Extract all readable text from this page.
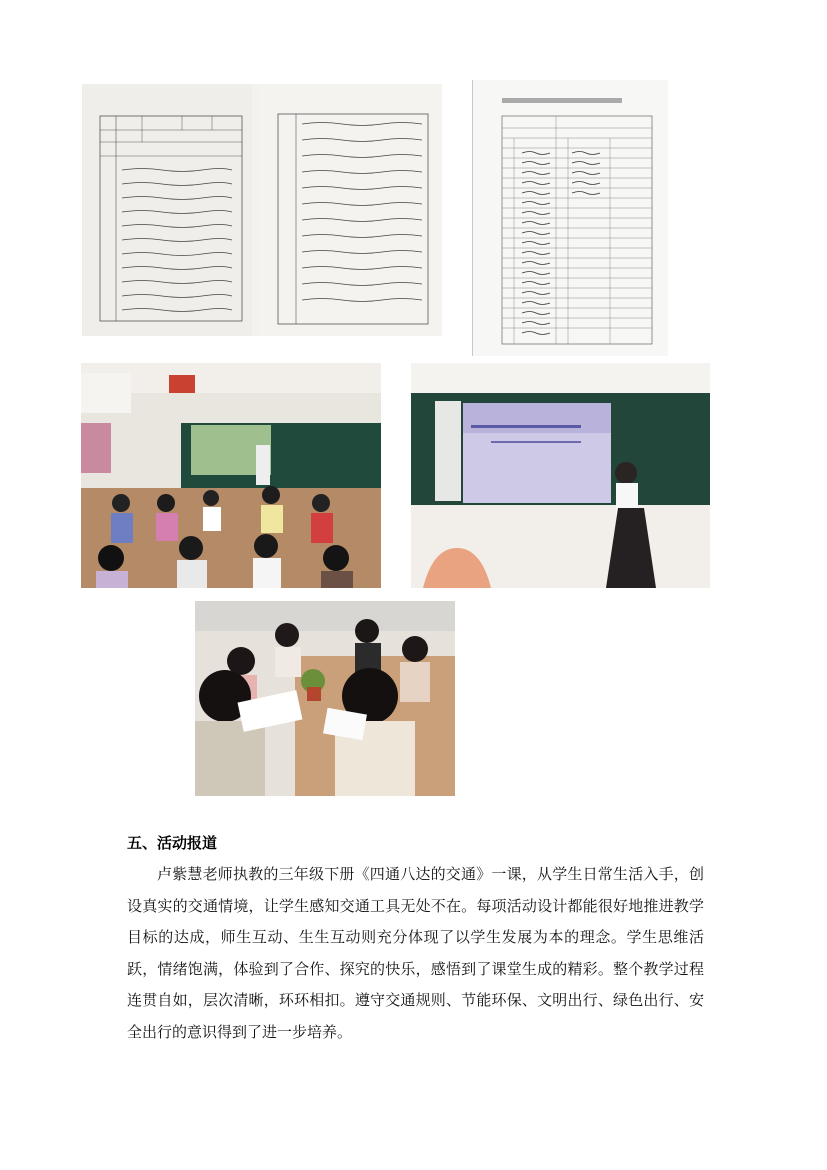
五、活动报道

卢紫慧老师执教的三年级下册《四通八达的交通》一课，从学生日常生活入手，创设真实的交通情境，让学生感知交通工具无处不在。每项活动设计都能很好地推进教学目标的达成，师生互动、生生互动则充分体现了以学生发展为本的理念。学生思维活跃，情绪饱满，体验到了合作、探究的快乐，感悟到了课堂生成的精彩。整个教学过程连贯自如，层次清晰，环环相扣。遵守交通规则、节能环保、文明出行、绿色出行、安全出行的意识得到了进一步培养。
